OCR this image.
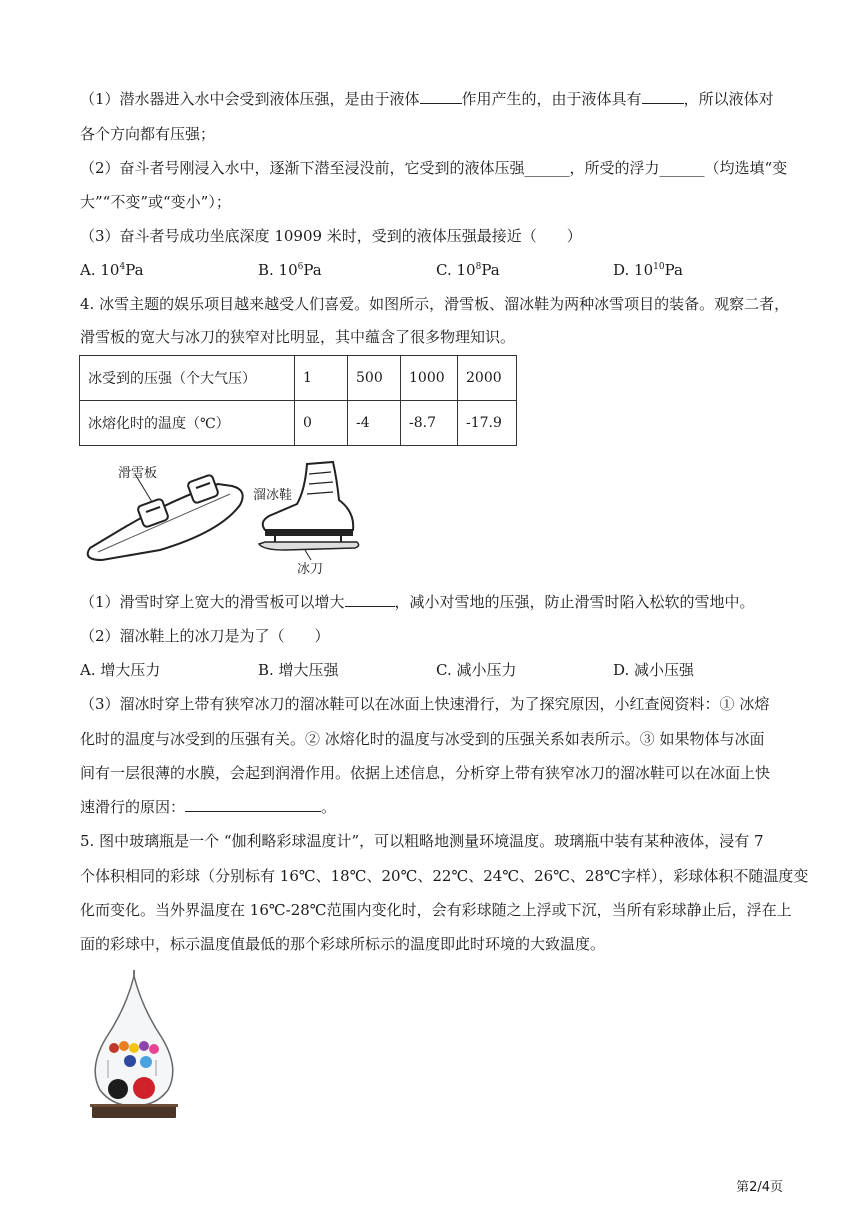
（1）潜水器进入水中会受到液体压强，是由于液体	作用产生的，由于液体具有	，所以液体对
各个方向都有压强；
（2）奋斗者号刚浸入水中，逐渐下潜至浸没前，它受到的液体压强______，所受的浮力______（均选填“变
大”“不变”或“变小”）；
（3）奋斗者号成功坐底深度 10909 米时，受到的液体压强最接近（　　）
A. $10^4Pa$	B. $10^6Pa$	C. $10^8Pa$	D. $10^{10}Pa$
4. 冰雪主题的娱乐项目越来越受人们喜爱。如图所示，滑雪板、溜冰鞋为两种冰雪项目的装备。观察二者，
滑雪板的宽大与冰刀的狭窄对比明显，其中蕴含了很多物理知识。
冰受到的压强（个大气压）	1	500	1000	2000
冰熔化时的温度（℃）	0	-4	-8.7	-17.9
滑雪板
溜冰鞋
冰刀
（1）滑雪时穿上宽大的滑雪板可以增大	，减小对雪地的压强，防止滑雪时陷入松软的雪地中。
（2）溜冰鞋上的冰刀是为了（　　）
A. 增大压力	B. 增大压强	C. 减小压力	D. 减小压强
（3）溜冰时穿上带有狭窄冰刀的溜冰鞋可以在冰面上快速滑行，为了探究原因，小红查阅资料：① 冰熔
化时的温度与冰受到的压强有关。② 冰熔化时的温度与冰受到的压强关系如表所示。③ 如果物体与冰面
间有一层很薄的水膜，会起到润滑作用。依据上述信息，分析穿上带有狭窄冰刀的溜冰鞋可以在冰面上快
速滑行的原因：	。
5. 图中玻璃瓶是一个 “伽利略彩球温度计”，可以粗略地测量环境温度。玻璃瓶中装有某种液体，浸有 7
个体积相同的彩球（分别标有 16℃、18℃、20℃、22℃、24℃、26℃、28℃字样），彩球体积不随温度变
化而变化。当外界温度在 16℃-28℃范围内变化时，会有彩球随之上浮或下沉，当所有彩球静止后，浮在上
面的彩球中，标示温度值最低的那个彩球所标示的温度即此时环境的大致温度。
第2/4页
